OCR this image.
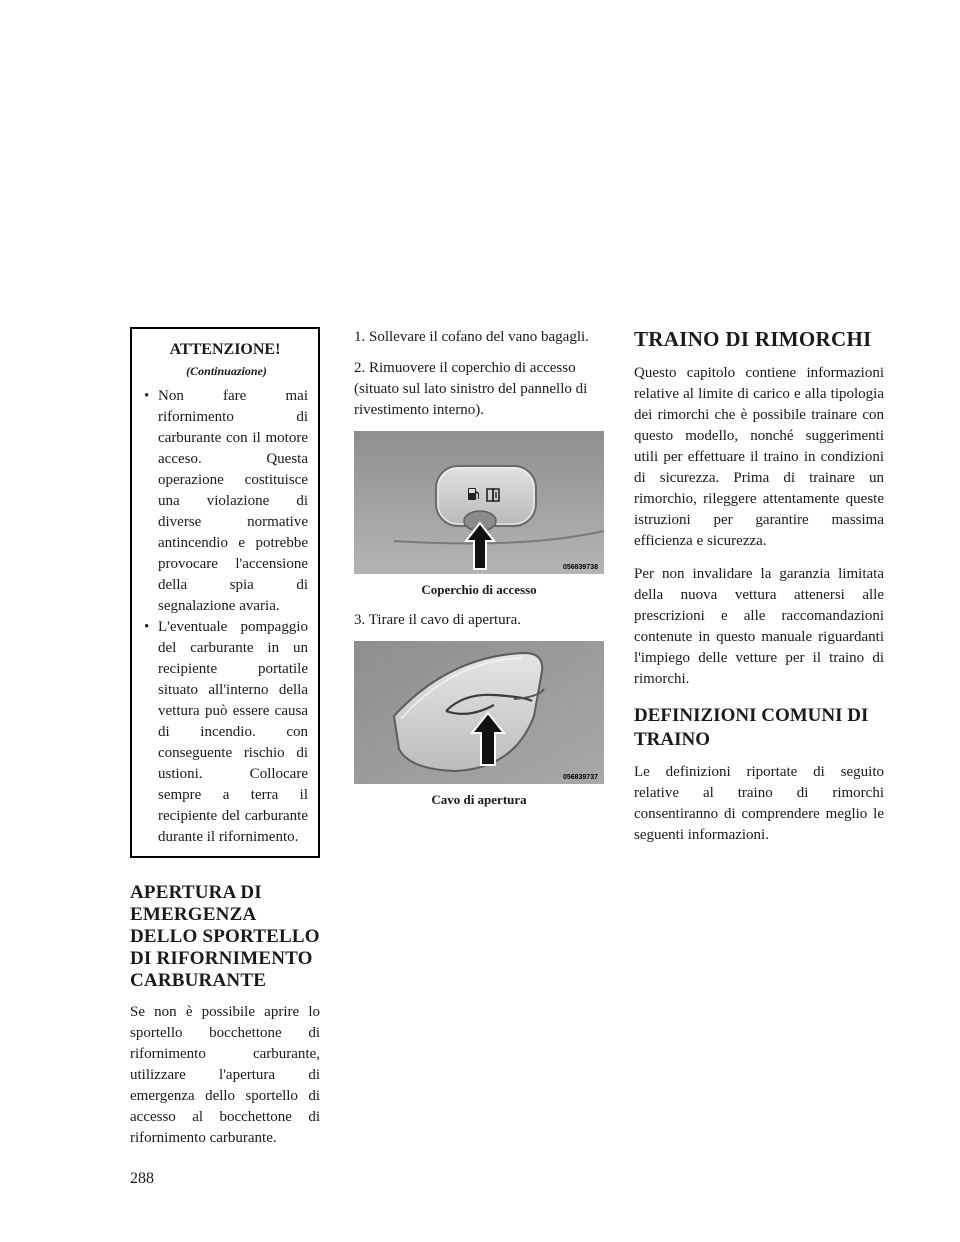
ATTENZIONE! (Continuazione)
• Non fare mai rifornimento di carburante con il motore acceso. Questa operazione costituisce una violazione di diverse normative antincendio e potrebbe provocare l'accensione della spia di segnalazione avaria.
• L'eventuale pompaggio del carburante in un recipiente portatile situato all'interno della vettura può essere causa di incendio. con conseguente rischio di ustioni. Collocare sempre a terra il recipiente del carburante durante il rifornimento.
APERTURA DI EMERGENZA DELLO SPORTELLO DI RIFORNIMENTO CARBURANTE

Se non è possibile aprire lo sportello bocchettone di rifornimento carburante, utilizzare l'apertura di emergenza dello sportello di accesso al bocchettone di rifornimento carburante.

1. Sollevare il cofano del vano bagagli.

2. Rimuovere il coperchio di accesso (situato sul lato sinistro del pannello di rivestimento interno).

056839738
Coperchio di accesso

3. Tirare il cavo di apertura.

056839737
Cavo di apertura
TRAINO DI RIMORCHI

Questo capitolo contiene informazioni relative al limite di carico e alla tipologia dei rimorchi che è possibile trainare con questo modello, nonché suggerimenti utili per effettuare il traino in condizioni di sicurezza. Prima di trainare un rimorchio, rileggere attentamente queste istruzioni per garantire massima efficienza e sicurezza.

Per non invalidare la garanzia limitata della nuova vettura attenersi alle prescrizioni e alle raccomandazioni contenute in questo manuale riguardanti l'impiego delle vetture per il traino di rimorchi.

DEFINIZIONI COMUNI DI TRAINO

Le definizioni riportate di seguito relative al traino di rimorchi consentiranno di comprendere meglio le seguenti informazioni.

288
